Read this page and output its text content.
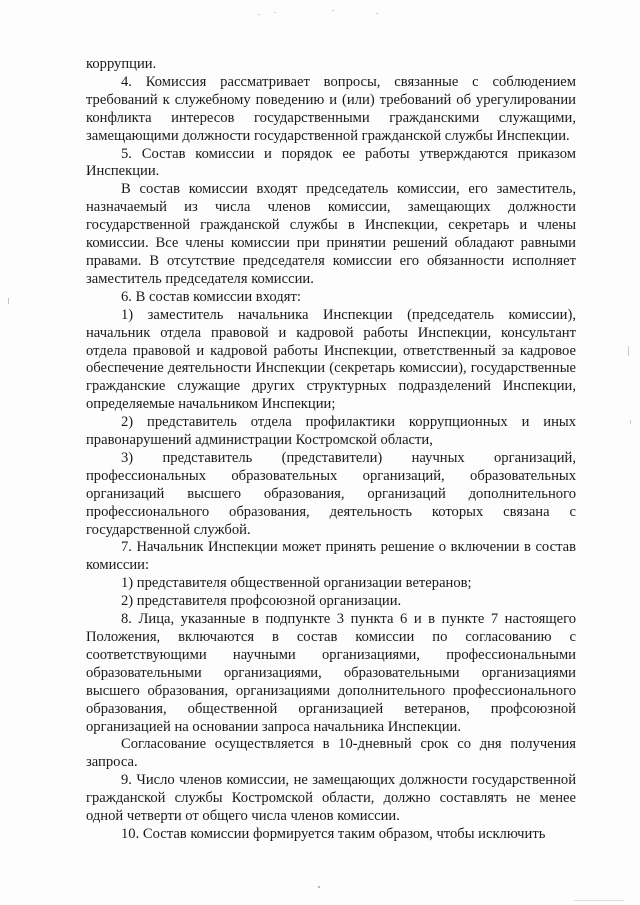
коррупции.

4. Комиссия рассматривает вопросы, связанные с соблюдением требований к служебному поведению и (или) требований об урегулировании конфликта интересов государственными гражданскими служащими, замещающими должности государственной гражданской службы Инспекции.

5. Состав комиссии и порядок ее работы утверждаются приказом Инспекции.

В состав комиссии входят председатель комиссии, его заместитель, назначаемый из числа членов комиссии, замещающих должности государственной гражданской службы в Инспекции, секретарь и члены комиссии. Все члены комиссии при принятии решений обладают равными правами. В отсутствие председателя комиссии его обязанности исполняет заместитель председателя комиссии.

6. В состав комиссии входят:

1) заместитель начальника Инспекции (председатель комиссии), начальник отдела правовой и кадровой работы Инспекции, консультант отдела правовой и кадровой работы Инспекции, ответственный за кадровое обеспечение деятельности Инспекции (секретарь комиссии), государственные гражданские служащие других структурных подразделений Инспекции, определяемые начальником Инспекции;

2) представитель отдела профилактики коррупционных и иных правонарушений администрации Костромской области,

3) представитель (представители) научных организаций, профессиональных образовательных организаций, образовательных организаций высшего образования, организаций дополнительного профессионального образования, деятельность которых связана с государственной службой.

7. Начальник Инспекции может принять решение о включении в состав комиссии:

1) представителя общественной организации ветеранов;

2) представителя профсоюзной организации.

8. Лица, указанные в подпункте 3 пункта 6 и в пункте 7 настоящего Положения, включаются в состав комиссии по согласованию с соответствующими научными организациями, профессиональными образовательными организациями, образовательными организациями высшего образования, организациями дополнительного профессионального образования, общественной организацией ветеранов, профсоюзной организацией на основании запроса начальника Инспекции.

Согласование осуществляется в 10-дневный срок со дня получения запроса.

9. Число членов комиссии, не замещающих должности государственной гражданской службы Костромской области, должно составлять не менее одной четверти от общего числа членов комиссии.

10. Состав комиссии формируется таким образом, чтобы исключить
